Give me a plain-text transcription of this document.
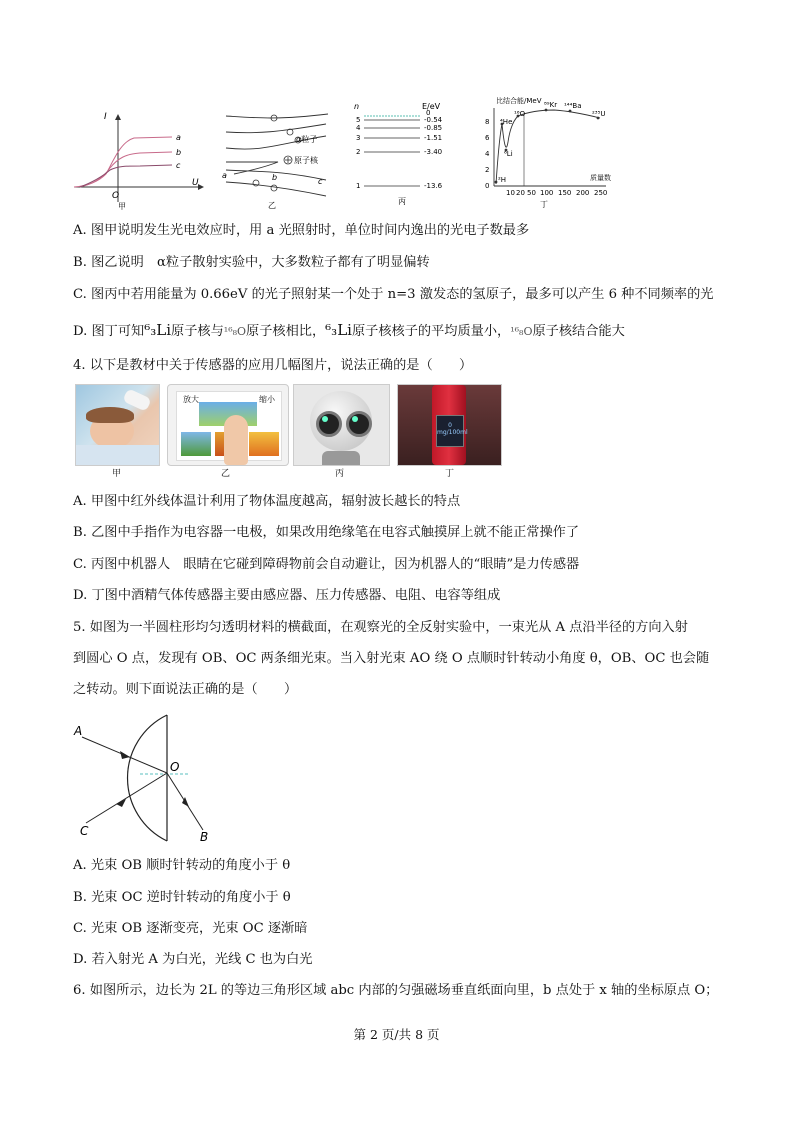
I
U
O
a
b
c
甲
α粒子
原子核
a	b	c
乙
n	E/eV
0
5	-0.54
4	-0.85
3	-1.51
2	-3.40
1	-13.6
丙
比结合能/MeV
8
6
4
2
0
⁴He
⁶Li
¹⁶O
⁸⁹Kr ¹⁴⁴Ba
²³⁵U
²H
10 20 50 100 150 200 250
质量数
丁
A. 图甲说明发生光电效应时，用 a 光照射时，单位时间内逸出的光电子数最多
B. 图乙说明　α粒子散射实验中，大多数粒子都有了明显偏转
C. 图丙中若用能量为 0.66eV 的光子照射某一个处于 n=3 激发态的氢原子，最多可以产生 6 种不同频率的光
D. 图丁可知⁶₃Li原子核与¹⁶₈O原子核相比，⁶₃Li原子核核子的平均质量小，¹⁶₈O原子核结合能大
4. 以下是教材中关于传感器的应用几幅图片，说法正确的是（　　）
放大	缩小
0
mg/100ml
甲	乙	丙	丁
A. 甲图中红外线体温计利用了物体温度越高，辐射波长越长的特点
B. 乙图中手指作为电容器一电极，如果改用绝缘笔在电容式触摸屏上就不能正常操作了
C. 丙图中机器人　眼睛在它碰到障碍物前会自动避让，因为机器人的“眼睛”是力传感器
D. 丁图中酒精气体传感器主要由感应器、压力传感器、电阻、电容等组成
5. 如图为一半圆柱形均匀透明材料的横截面，在观察光的全反射实验中，一束光从 A 点沿半径的方向入射
到圆心 O 点，发现有 OB、OC 两条细光束。当入射光束 AO 绕 O 点顺时针转动小角度 θ，OB、OC 也会随
之转动。则下面说法正确的是（　　）
A
O
B
C
A. 光束 OB 顺时针转动的角度小于 θ
B. 光束 OC 逆时针转动的角度小于 θ
C. 光束 OB 逐渐变亮，光束 OC 逐渐暗
D. 若入射光 A 为白光，光线 C 也为白光
6. 如图所示，边长为 2L 的等边三角形区域 abc 内部的匀强磁场垂直纸面向里，b 点处于 x 轴的坐标原点 O；
第 2 页/共 8 页
